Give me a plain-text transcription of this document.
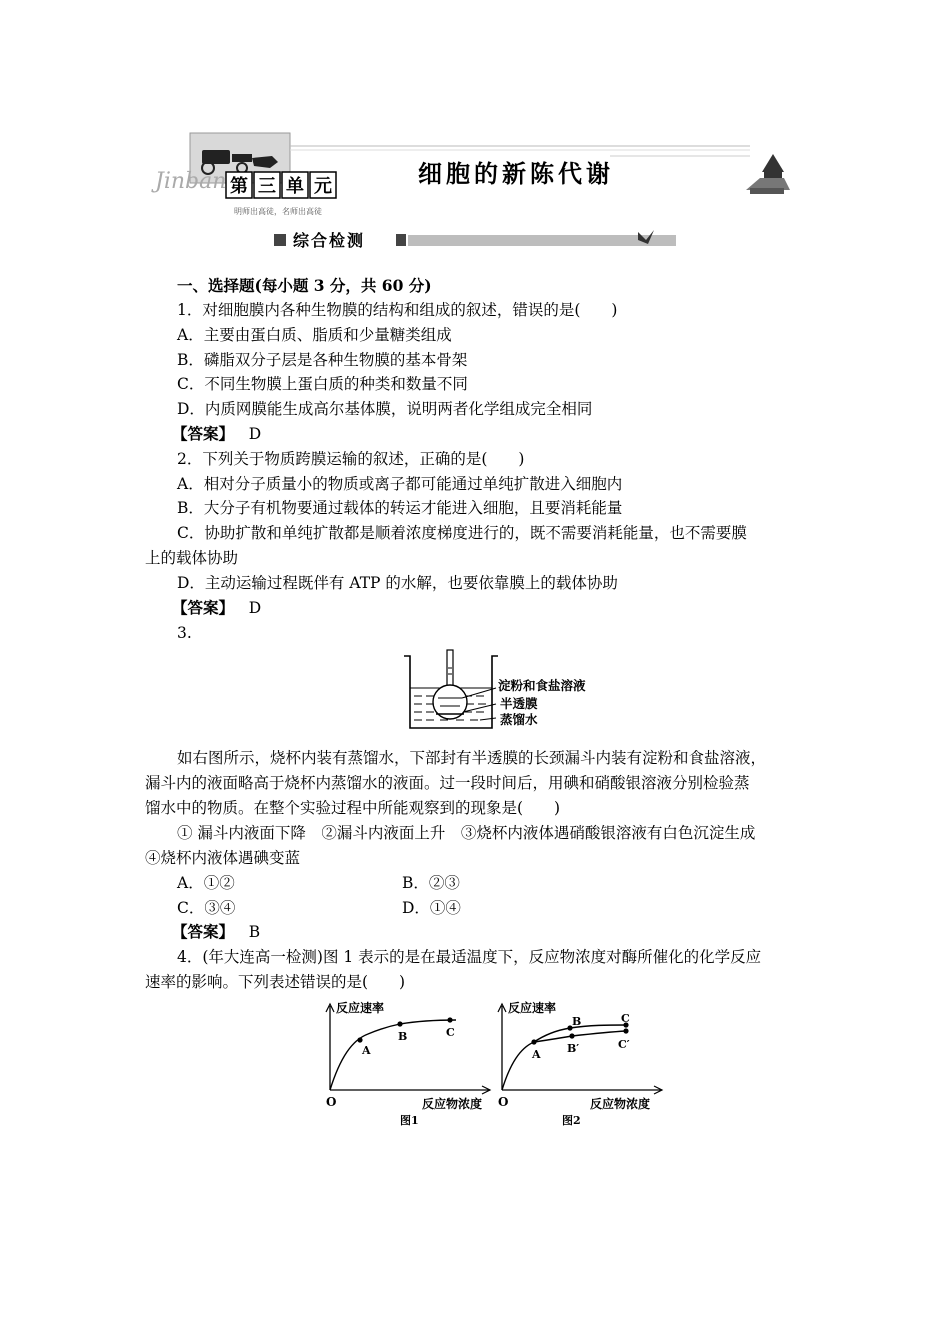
Jinban 第 三 单 元
明师出高徒，名师出高徒
细胞的新陈代谢
综合检测
一、选择题(每小题 3 分，共 60 分)
1．对细胞膜内各种生物膜的结构和组成的叙述，错误的是(　　)
A．主要由蛋白质、脂质和少量糖类组成
B．磷脂双分子层是各种生物膜的基本骨架
C．不同生物膜上蛋白质的种类和数量不同
D．内质网膜能生成高尔基体膜，说明两者化学组成完全相同
【答案】 D
2．下列关于物质跨膜运输的叙述，正确的是(　　)
A．相对分子质量小的物质或离子都可能通过单纯扩散进入细胞内
B．大分子有机物要通过载体的转运才能进入细胞，且要消耗能量
C．协助扩散和单纯扩散都是顺着浓度梯度进行的，既不需要消耗能量，也不需要膜
上的载体协助
D．主动运输过程既伴有 ATP 的水解，也要依靠膜上的载体协助
【答案】 D
3.
淀粉和食盐溶液
半透膜
蒸馏水
如右图所示，烧杯内装有蒸馏水，下部封有半透膜的长颈漏斗内装有淀粉和食盐溶液，
漏斗内的液面略高于烧杯内蒸馏水的液面。过一段时间后，用碘和硝酸银溶液分别检验蒸
馏水中的物质。在整个实验过程中所能观察到的现象是(　　)
① 漏斗内液面下降　②漏斗内液面上升　③烧杯内液体遇硝酸银溶液有白色沉淀生成
④烧杯内液体遇碘变蓝
A．①②	B．②③
C．③④	D．①④
【答案】 B
4．(年大连高一检测)图 1 表示的是在最适温度下，反应物浓度对酶所催化的化学反应
速率的影响。下列表述错误的是(　　)
A
B	C
反应速率
反应物浓度
O
图1
A
B	C
B′	C′
反应速率
反应物浓度
O
图2
